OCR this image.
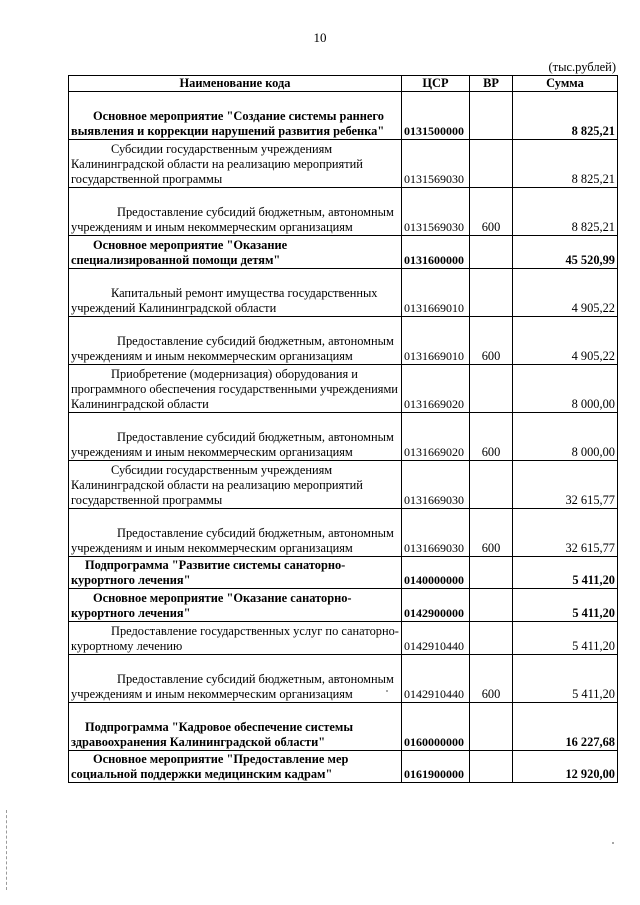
10
(тыс.рублей)
Наименование кода	ЦСР	ВР	Сумма
Основное мероприятие "Создание системы раннего выявления и коррекции нарушений развития ребенка"	0131500000		8 825,21
Субсидии государственным учреждениям Калининградской области на реализацию мероприятий государственной программы	0131569030		8 825,21
Предоставление субсидий бюджетным, автономным учреждениям и иным некоммерческим организациям	0131569030	600	8 825,21
Основное мероприятие "Оказание специализированной помощи детям"	0131600000		45 520,99
Капитальный ремонт имущества государственных учреждений Калининградской области	0131669010		4 905,22
Предоставление субсидий бюджетным, автономным учреждениям и иным некоммерческим организациям	0131669010	600	4 905,22
Приобретение (модернизация) оборудования и программного обеспечения государственными учреждениями Калининградской области	0131669020		8 000,00
Предоставление субсидий бюджетным, автономным учреждениям и иным некоммерческим организациям	0131669020	600	8 000,00
Субсидии государственным учреждениям Калининградской области на реализацию мероприятий государственной программы	0131669030		32 615,77
Предоставление субсидий бюджетным, автономным учреждениям и иным некоммерческим организациям	0131669030	600	32 615,77
Подпрограмма "Развитие системы санаторно-курортного лечения"	0140000000		5 411,20
Основное мероприятие "Оказание санаторно-курортного лечения"	0142900000		5 411,20
Предоставление государственных услуг по санаторно-курортному лечению	0142910440		5 411,20
Предоставление субсидий бюджетным, автономным учреждениям и иным некоммерческим организациям	0142910440	600	5 411,20
Подпрограмма "Кадровое обеспечение системы здравоохранения Калининградской области"	0160000000		16 227,68
Основное мероприятие "Предоставление мер социальной поддержки медицинским кадрам"	0161900000		12 920,00
